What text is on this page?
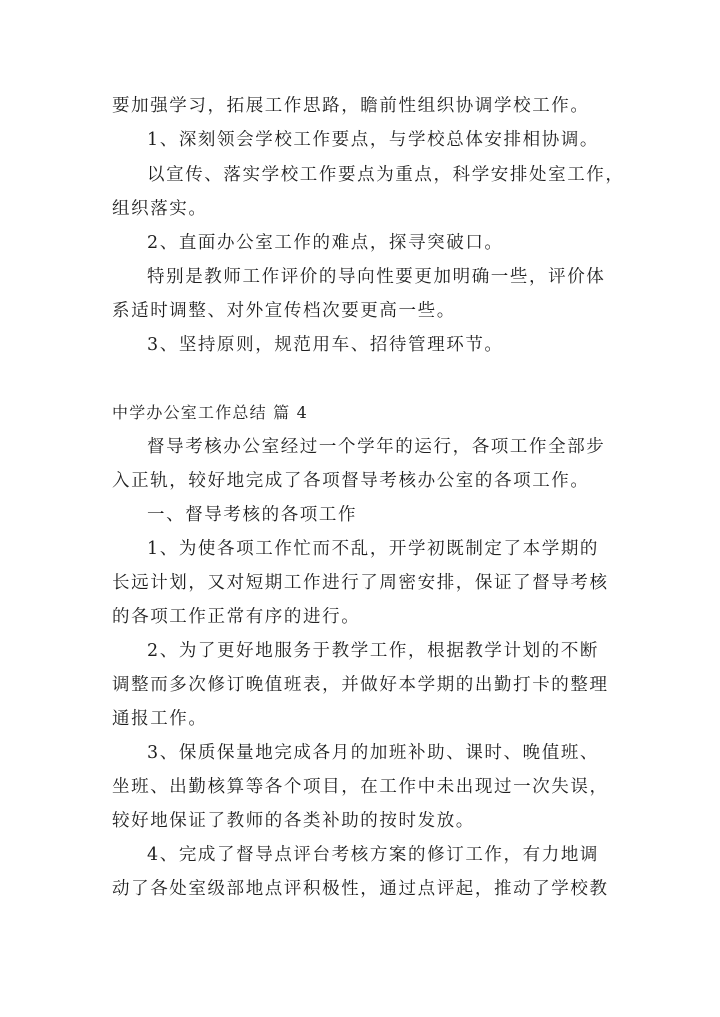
要加强学习，拓展工作思路，瞻前性组织协调学校工作。
1、深刻领会学校工作要点，与学校总体安排相协调。
以宣传、落实学校工作要点为重点，科学安排处室工作，
组织落实。
2、直面办公室工作的难点，探寻突破口。
特别是教师工作评价的导向性要更加明确一些，评价体
系适时调整、对外宣传档次要更高一些。
3、坚持原则，规范用车、招待管理环节。
中学办公室工作总结 篇 4
督导考核办公室经过一个学年的运行，各项工作全部步
入正轨，较好地完成了各项督导考核办公室的各项工作。
一、督导考核的各项工作
1、为使各项工作忙而不乱，开学初既制定了本学期的
长远计划，又对短期工作进行了周密安排，保证了督导考核
的各项工作正常有序的进行。
2、为了更好地服务于教学工作，根据教学计划的不断
调整而多次修订晚值班表，并做好本学期的出勤打卡的整理
通报工作。
3、保质保量地完成各月的加班补助、课时、晚值班、
坐班、出勤核算等各个项目，在工作中未出现过一次失误，
较好地保证了教师的各类补助的按时发放。
4、完成了督导点评台考核方案的修订工作，有力地调
动了各处室级部地点评积极性，通过点评起，推动了学校教
